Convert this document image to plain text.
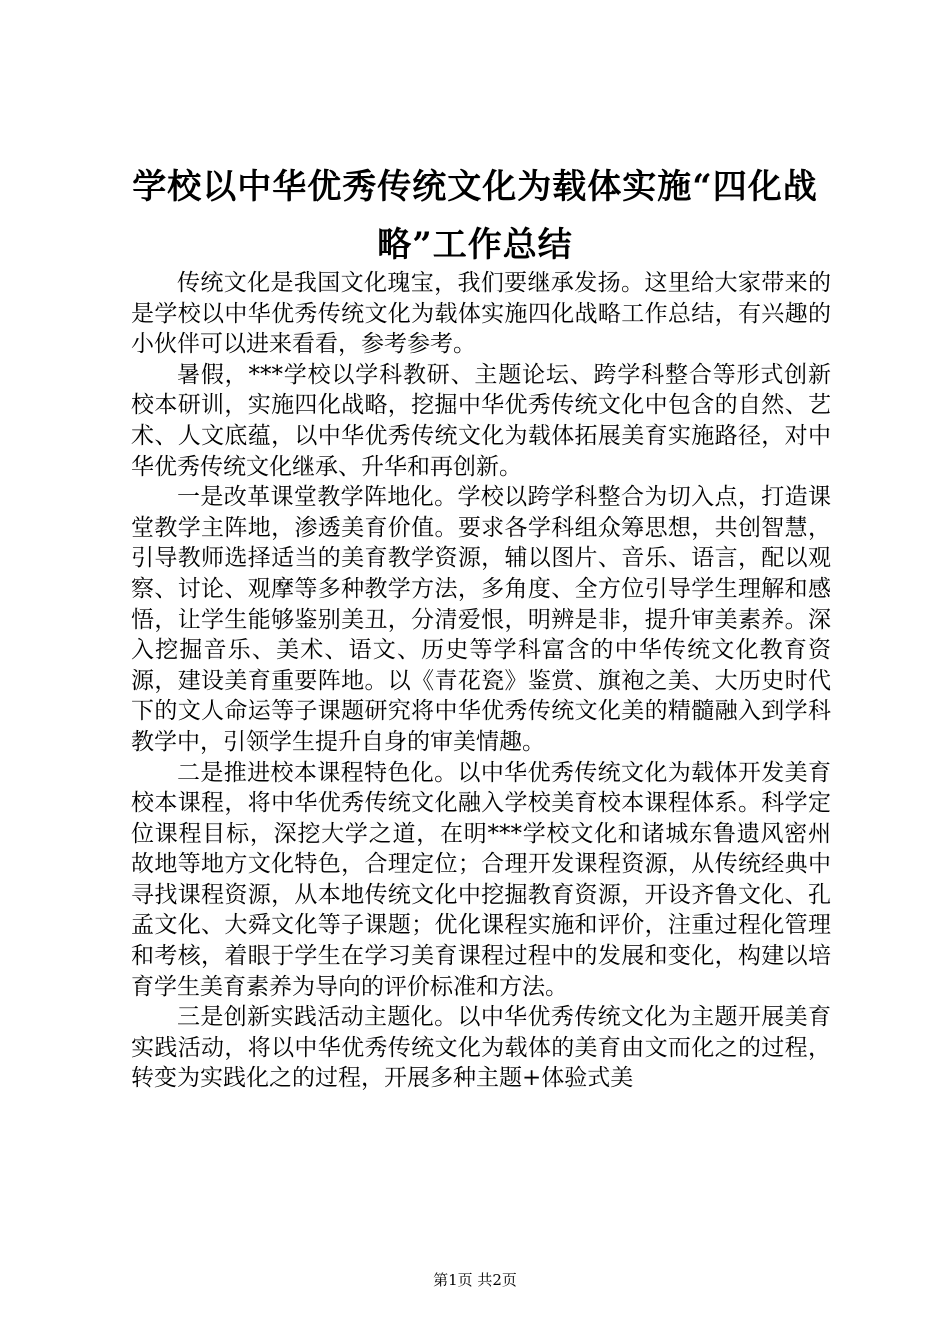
学校以中华优秀传统文化为载体实施“四化战略”工作总结

传统文化是我国文化瑰宝，我们要继承发扬。这里给大家带来的是学校以中华优秀传统文化为载体实施四化战略工作总结，有兴趣的小伙伴可以进来看看，参考参考。

暑假，***学校以学科教研、主题论坛、跨学科整合等形式创新校本研训，实施四化战略，挖掘中华优秀传统文化中包含的自然、艺术、人文底蕴，以中华优秀传统文化为载体拓展美育实施路径，对中华优秀传统文化继承、升华和再创新。

一是改革课堂教学阵地化。学校以跨学科整合为切入点，打造课堂教学主阵地，渗透美育价值。要求各学科组众筹思想，共创智慧，引导教师选择适当的美育教学资源，辅以图片、音乐、语言，配以观察、讨论、观摩等多种教学方法，多角度、全方位引导学生理解和感悟，让学生能够鉴别美丑，分清爱恨，明辨是非，提升审美素养。深入挖掘音乐、美术、语文、历史等学科富含的中华传统文化教育资源，建设美育重要阵地。以《青花瓷》鉴赏、旗袍之美、大历史时代下的文人命运等子课题研究将中华优秀传统文化美的精髓融入到学科教学中，引领学生提升自身的审美情趣。

二是推进校本课程特色化。以中华优秀传统文化为载体开发美育校本课程，将中华优秀传统文化融入学校美育校本课程体系。科学定位课程目标，深挖大学之道，在明***学校文化和诸城东鲁遗风密州故地等地方文化特色，合理定位；合理开发课程资源，从传统经典中寻找课程资源，从本地传统文化中挖掘教育资源，开设齐鲁文化、孔孟文化、大舜文化等子课题；优化课程实施和评价，注重过程化管理和考核，着眼于学生在学习美育课程过程中的发展和变化，构建以培育学生美育素养为导向的评价标准和方法。

三是创新实践活动主题化。以中华优秀传统文化为主题开展美育实践活动，将以中华优秀传统文化为载体的美育由文而化之的过程，转变为实践化之的过程，开展多种主题+体验式美

第1页 共2页
